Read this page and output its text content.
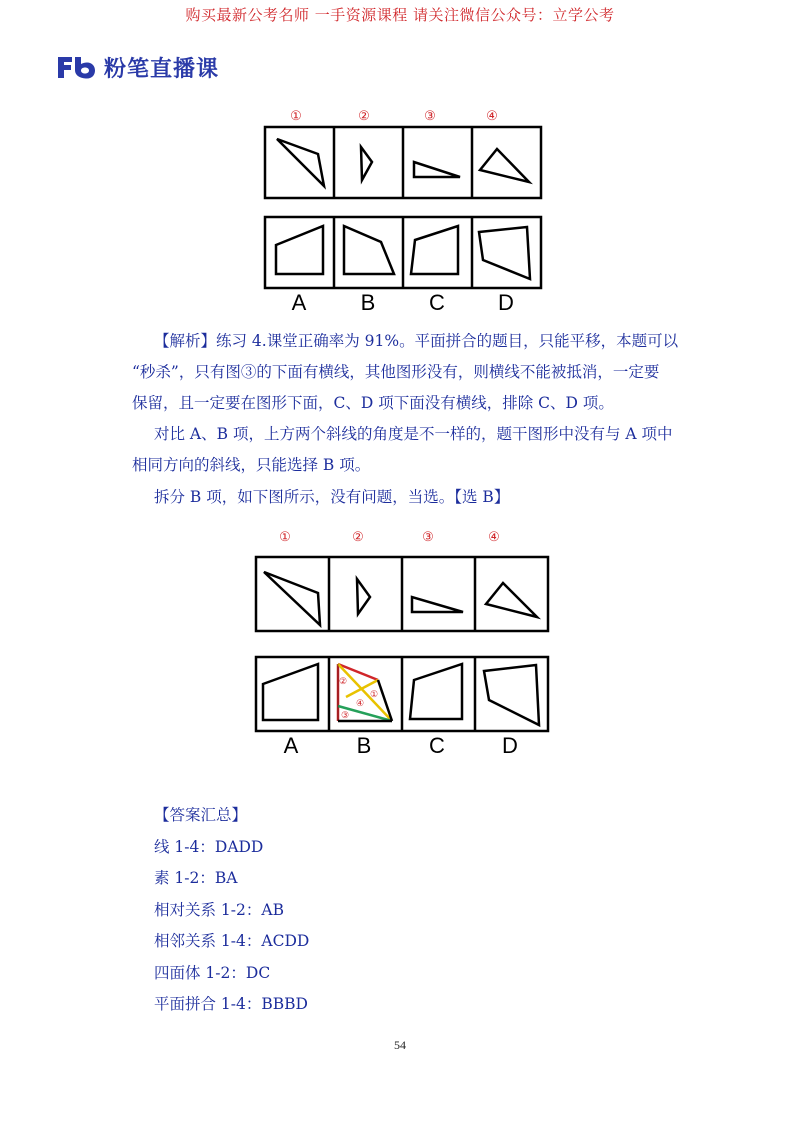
购买最新公考名师 一手资源课程 请关注微信公众号：立学公考
粉笔直播课
①	②	③	④
A B C D
【解析】练习 4.课堂正确率为 91%。平面拼合的题目，只能平移，本题可以
“秒杀”，只有图③的下面有横线，其他图形没有，则横线不能被抵消，一定要
保留，且一定要在图形下面，C、D 项下面没有横线，排除 C、D 项。
对比 A、B 项，上方两个斜线的角度是不一样的，题干图形中没有与 A 项中
相同方向的斜线，只能选择 B 项。
拆分 B 项，如下图所示，没有问题，当选。【选 B】
①	②	③	④
②
①
④
③
A	B	C	D
【答案汇总】
线 1-4：DADD
素 1-2：BA
相对关系 1-2：AB
相邻关系 1-4：ACDD
四面体 1-2：DC
平面拼合 1-4：BBBD
54
